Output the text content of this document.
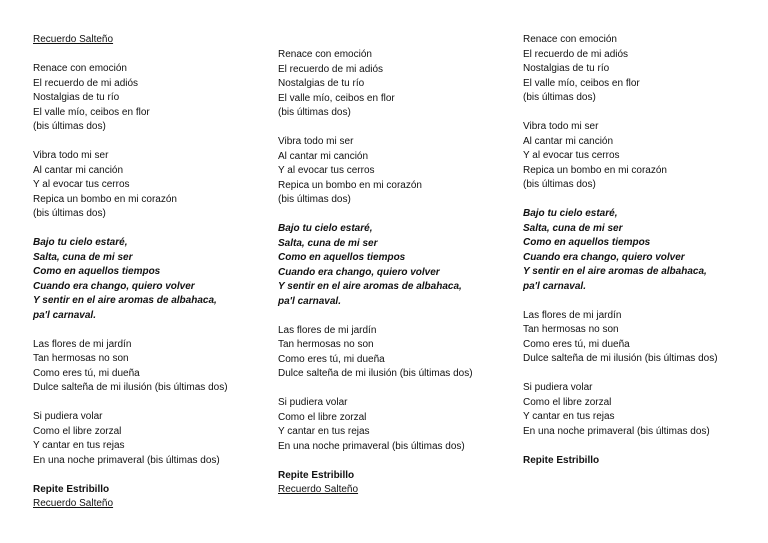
Recuerdo Salteño
Renace con emoción
El recuerdo de mi adiós
Nostalgias de tu río
El valle mío, ceibos en flor
(bis últimas dos)
Vibra todo mi ser
Al cantar mi canción
Y al evocar tus cerros
Repica un bombo en mi corazón
(bis últimas dos)
Bajo tu cielo estaré,
Salta, cuna de mi ser
Como en aquellos tiempos
Cuando era chango, quiero volver
Y sentir en el aire aromas de albahaca,
pa'l carnaval.
Las flores de mi jardín
Tan hermosas no son
Como eres tú, mi dueña
Dulce salteña de mi ilusión (bis últimas dos)
Si pudiera volar
Como el libre zorzal
Y cantar en tus rejas
En una noche primaveral (bis últimas dos)
Repite Estribillo
Recuerdo Salteño
Renace con emoción
El recuerdo de mi adiós
Nostalgias de tu río
El valle mío, ceibos en flor
(bis últimas dos)
Vibra todo mi ser
Al cantar mi canción
Y al evocar tus cerros
Repica un bombo en mi corazón
(bis últimas dos)
Bajo tu cielo estaré,
Salta, cuna de mi ser
Como en aquellos tiempos
Cuando era chango, quiero volver
Y sentir en el aire aromas de albahaca,
pa'l carnaval.
Las flores de mi jardín
Tan hermosas no son
Como eres tú, mi dueña
Dulce salteña de mi ilusión (bis últimas dos)
Si pudiera volar
Como el libre zorzal
Y cantar en tus rejas
En una noche primaveral (bis últimas dos)
Repite Estribillo
Recuerdo Salteño
Renace con emoción
El recuerdo de mi adiós
Nostalgias de tu río
El valle mío, ceibos en flor
(bis últimas dos)
Vibra todo mi ser
Al cantar mi canción
Y al evocar tus cerros
Repica un bombo en mi corazón
(bis últimas dos)
Bajo tu cielo estaré,
Salta, cuna de mi ser
Como en aquellos tiempos
Cuando era chango, quiero volver
Y sentir en el aire aromas de albahaca,
pa'l carnaval.
Las flores de mi jardín
Tan hermosas no son
Como eres tú, mi dueña
Dulce salteña de mi ilusión (bis últimas dos)
Si pudiera volar
Como el libre zorzal
Y cantar en tus rejas
En una noche primaveral (bis últimas dos)
Repite Estribillo
